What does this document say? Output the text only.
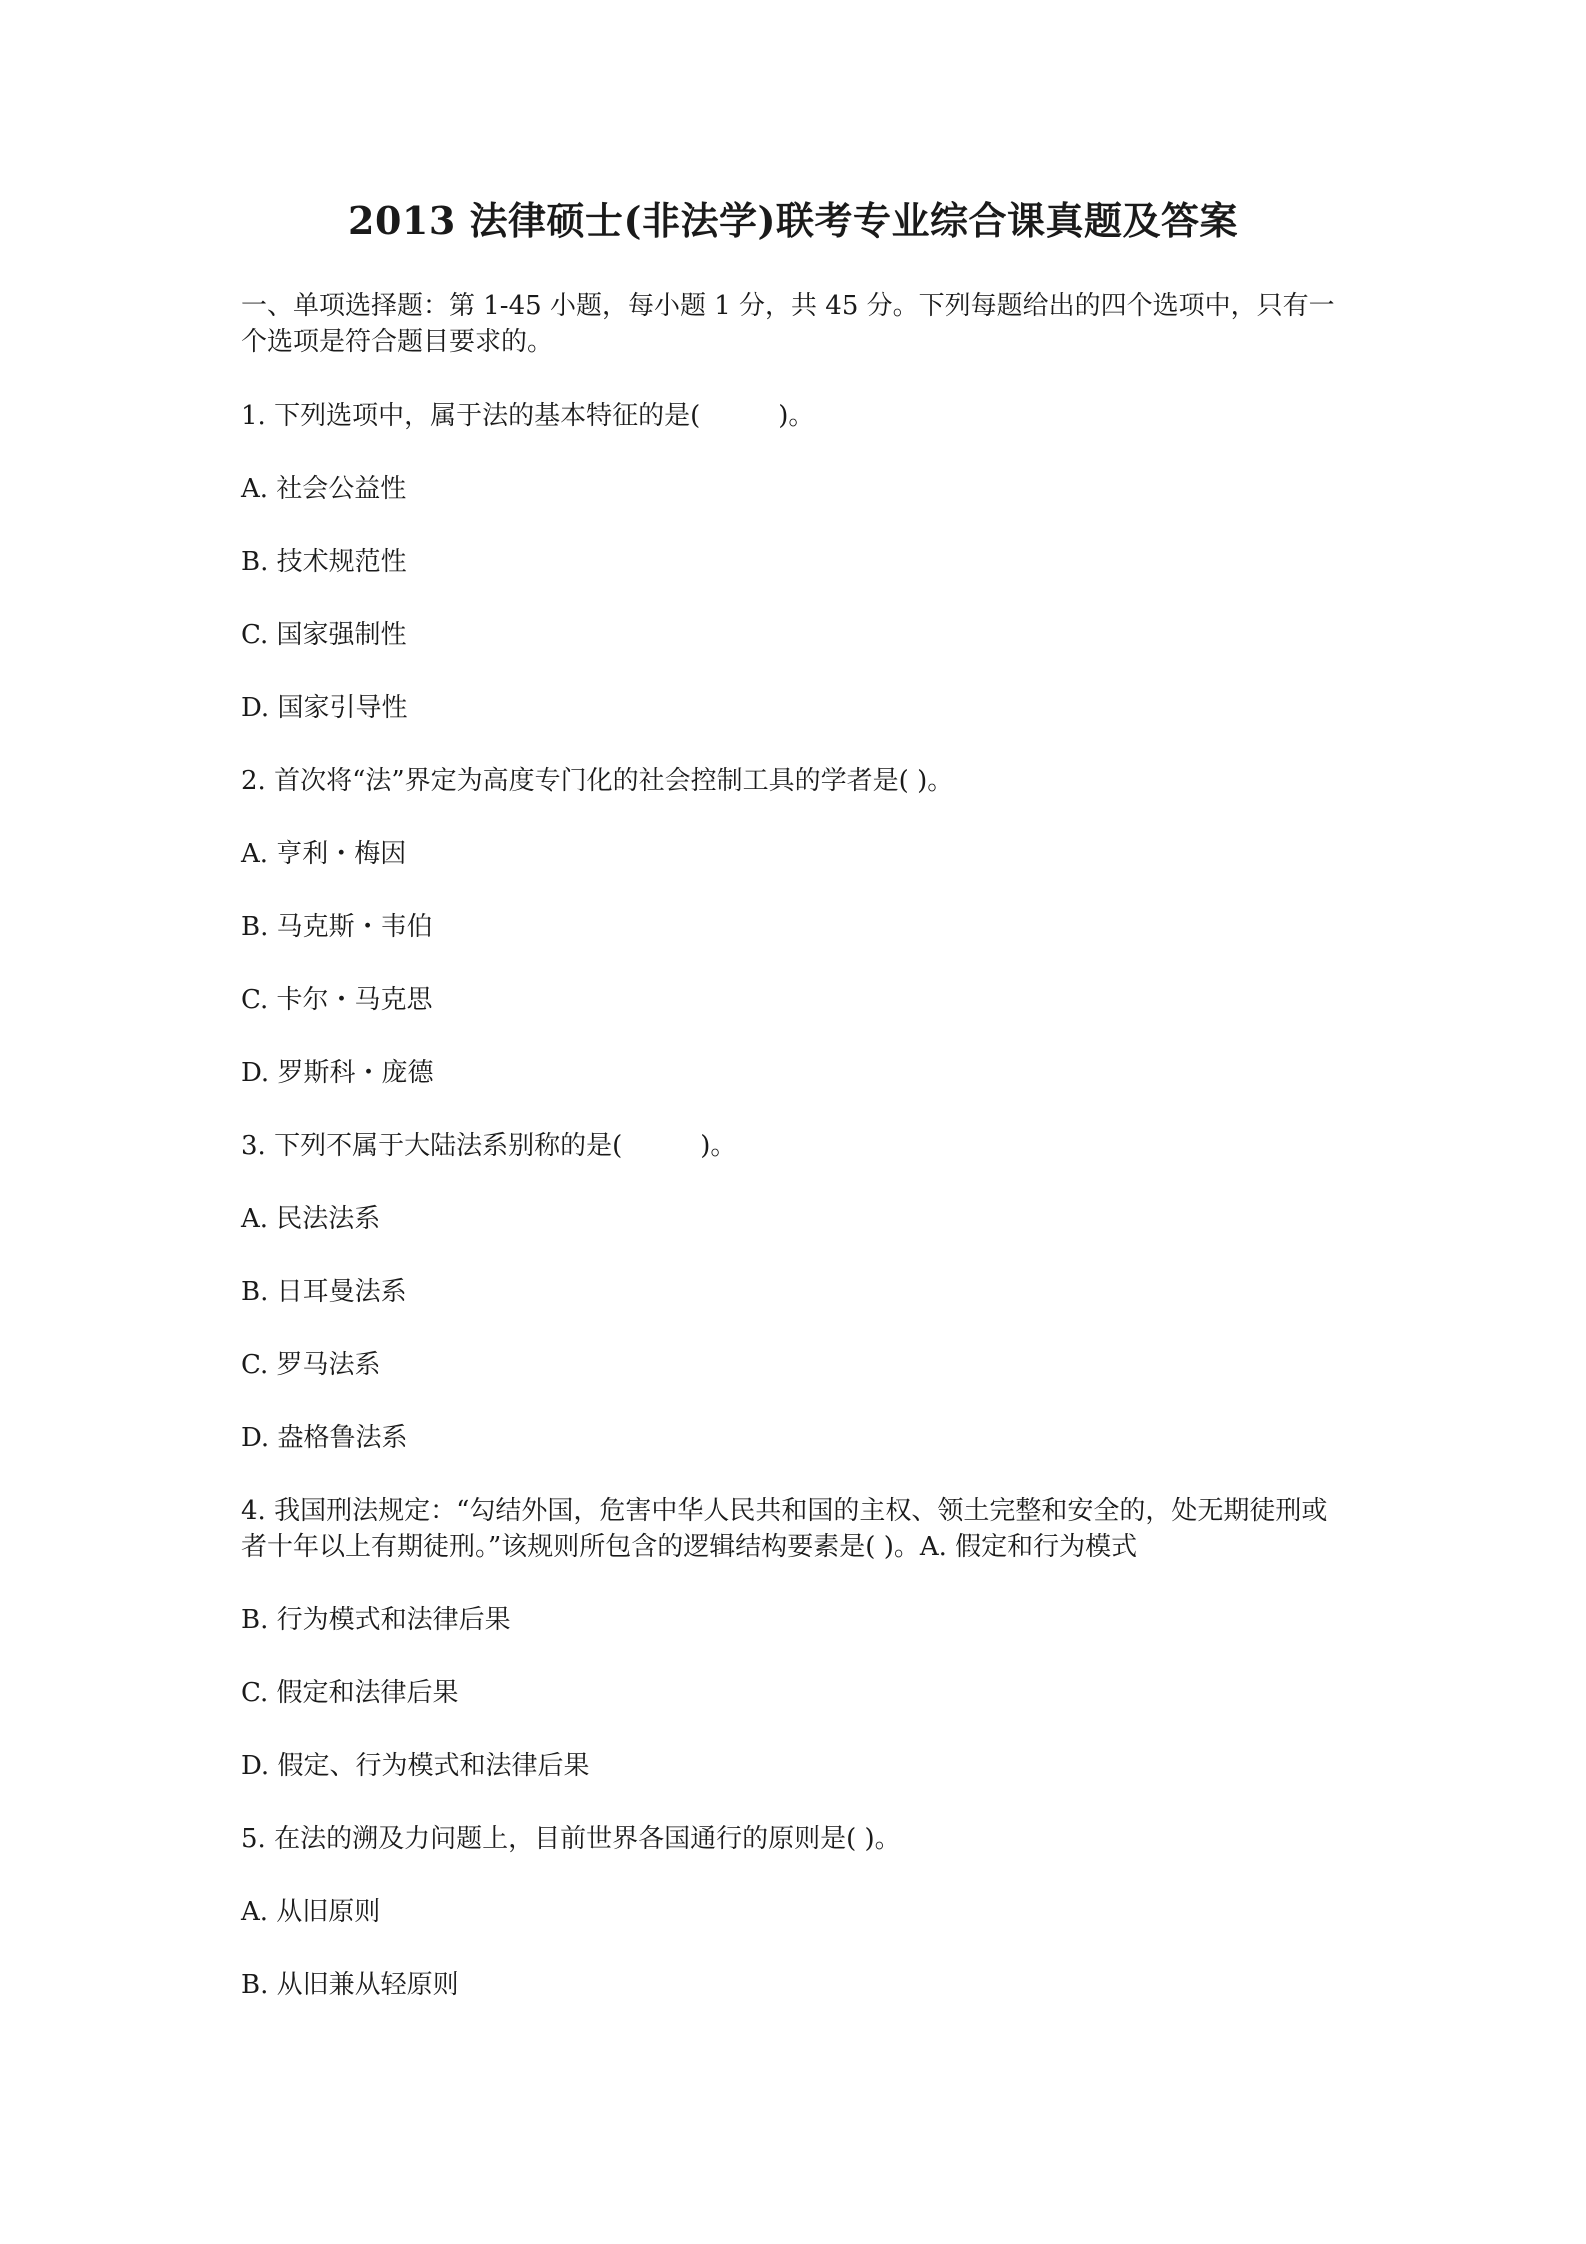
2013 法律硕士(非法学)联考专业综合课真题及答案

一、单项选择题：第 1-45 小题，每小题 1 分，共 45 分。下列每题给出的四个选项中，只有一个选项是符合题目要求的。

1. 下列选项中，属于法的基本特征的是(　　　)。

A. 社会公益性

B. 技术规范性

C. 国家强制性

D. 国家引导性

2. 首次将“法”界定为高度专门化的社会控制工具的学者是( )。

A. 亨利・梅因

B. 马克斯・韦伯

C. 卡尔・马克思

D. 罗斯科・庞德

3. 下列不属于大陆法系别称的是(　　　)。

A. 民法法系

B. 日耳曼法系

C. 罗马法系

D. 盎格鲁法系

4. 我国刑法规定：“勾结外国，危害中华人民共和国的主权、领土完整和安全的，处无期徒刑或者十年以上有期徒刑。”该规则所包含的逻辑结构要素是( )。A. 假定和行为模式

B. 行为模式和法律后果

C. 假定和法律后果

D. 假定、行为模式和法律后果

5. 在法的溯及力问题上，目前世界各国通行的原则是( )。

A. 从旧原则

B. 从旧兼从轻原则
